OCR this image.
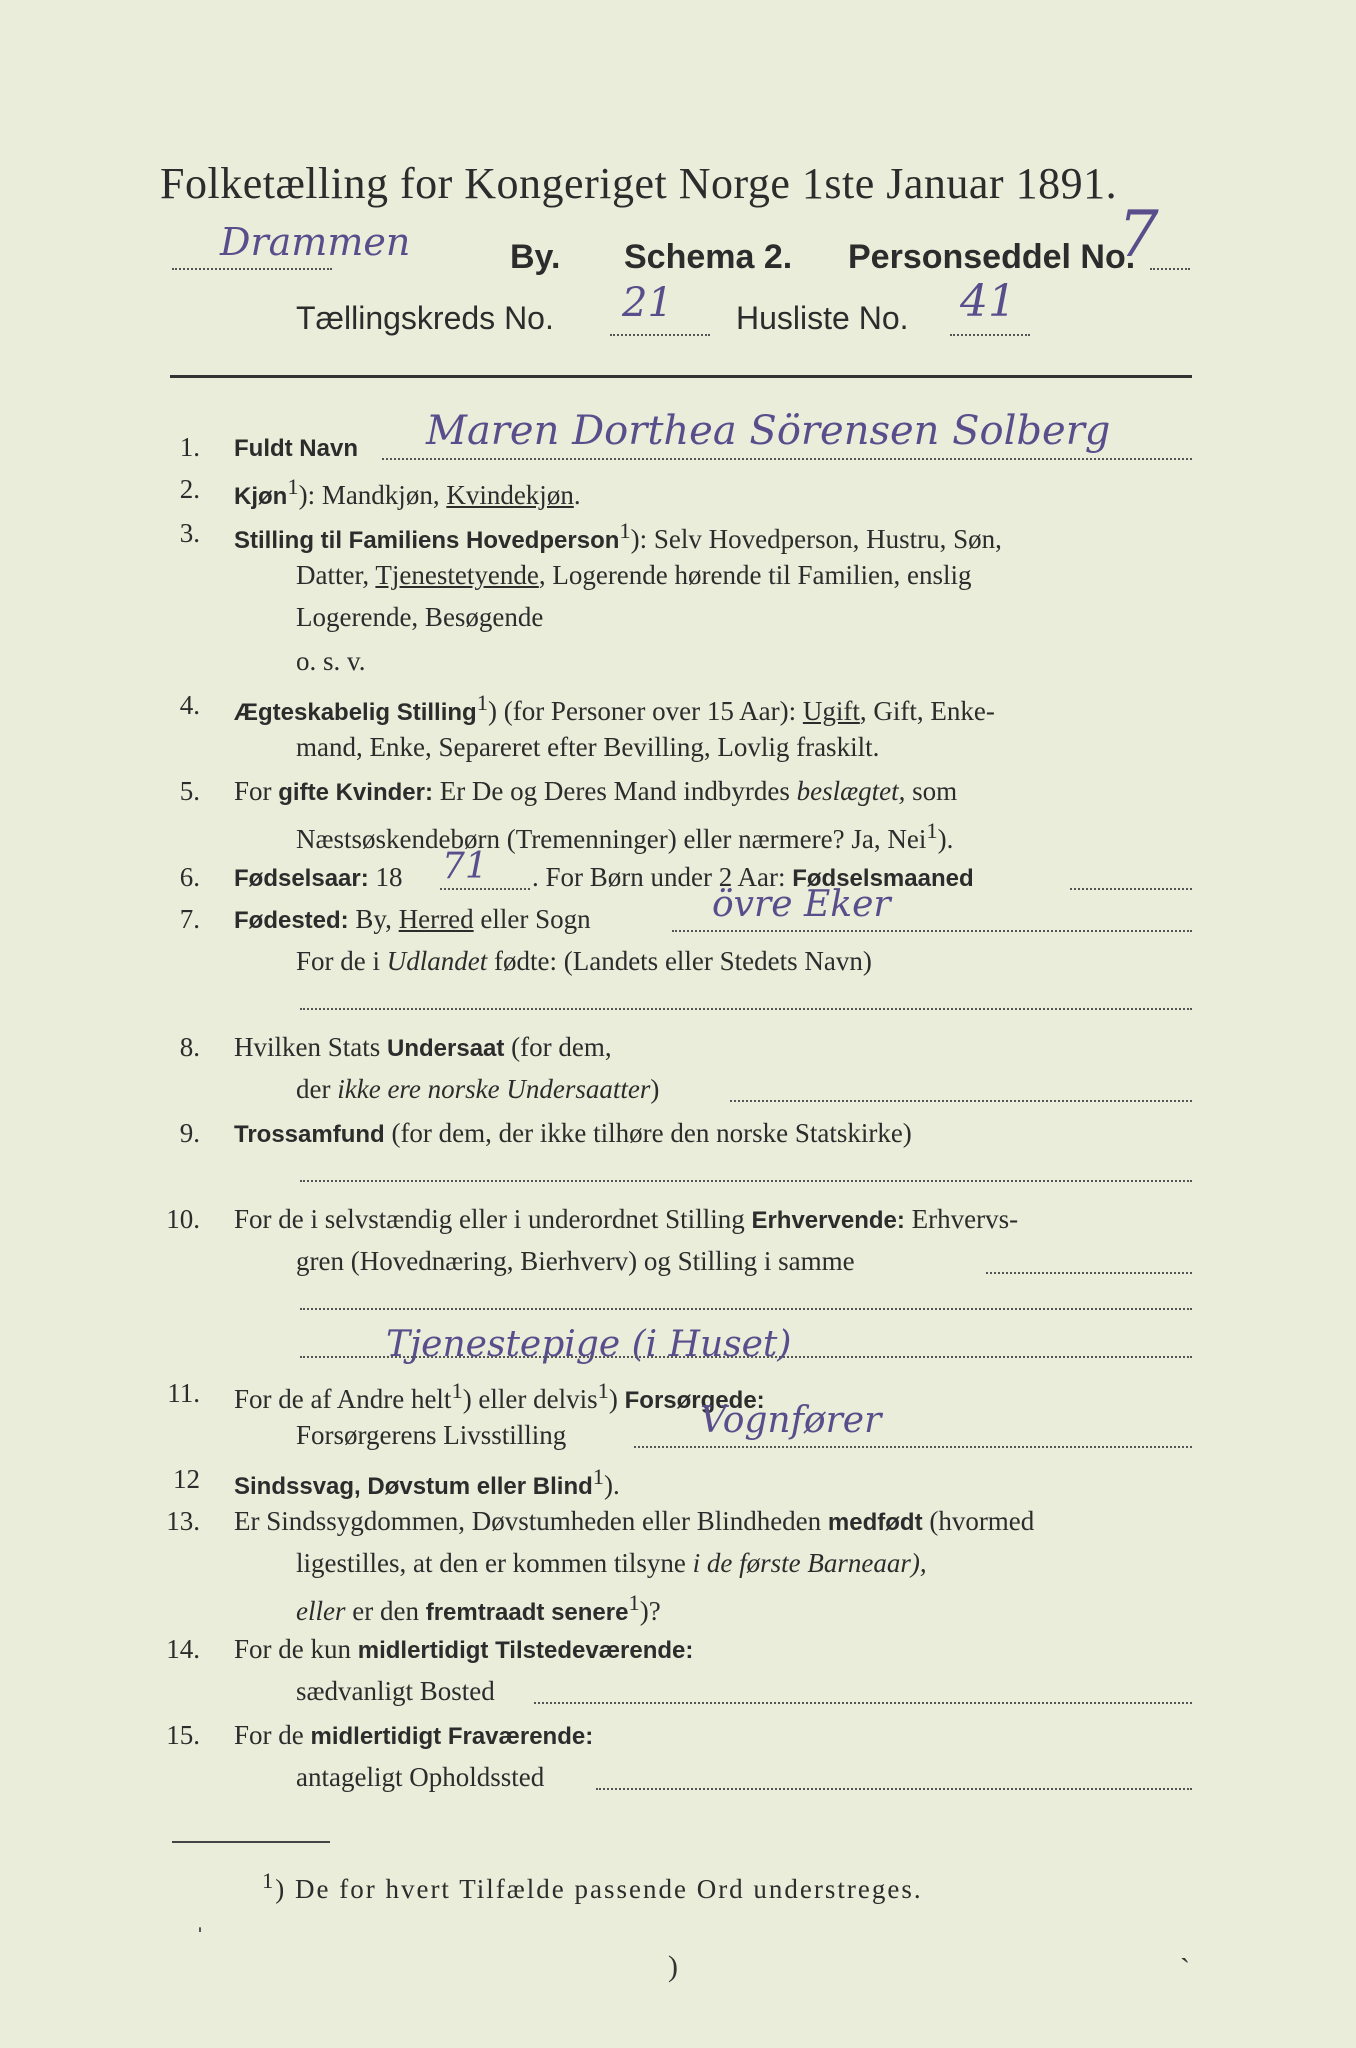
Folketælling for Kongeriget Norge 1ste Januar 1891.
Drammen	By. Schema 2. Personseddel No.
7
Tællingskreds No. 21 Husliste No. 41
1. Fuldt Navn Maren Dorthea Sörensen Solberg
2. Kjøn$^1$): Mandkjøn, Kvindekjøn.
3. Stilling til Familiens Hovedperson$^1$): Selv Hovedperson, Hustru, Søn,
Datter, Tjenestetyende, Logerende hørende til Familien, enslig
Logerende, Besøgende
o. s. v.
4. Ægteskabelig Stilling$^1$) (for Personer over 15 Aar): Ugift, Gift, Enke-
mand, Enke, Separeret efter Bevilling, Lovlig fraskilt.
5. For gifte Kvinder: Er De og Deres Mand indbyrdes beslægtet, som
Næstsøskendebørn (Tremenninger) eller nærmere? Ja, Nei$^1$).
6. Fødselsaar: 18 71 . For Børn under 2 Aar: Fødselsmaaned
7. Fødested: By, Herred eller Sogn	övre Eker
For de i Udlandet fødte: (Landets eller Stedets Navn)
8. Hvilken Stats Undersaat (for dem,
der ikke ere norske Undersaatter)
9. Trossamfund (for dem, der ikke tilhøre den norske Statskirke)
10. For de i selvstændig eller i underordnet Stilling Erhvervende: Erhvervs-
gren (Hovednæring, Bierhverv) og Stilling i samme
Tjenestepige (i Huset)
11. For de af Andre helt$^1$) eller delvis$^1$) Forsørgede:
Forsørgerens Livsstilling	Vognfører
12 Sindssvag, Døvstum eller Blind$^1$).
13. Er Sindssygdommen, Døvstumheden eller Blindheden medfødt (hvormed
ligestilles, at den er kommen tilsyne i de første Barneaar),
eller er den fremtraadt senere$^1$)?
14. For de kun midlertidigt Tilstedeværende:
sædvanligt Bosted
15. For de midlertidigt Fraværende:
antageligt Opholdssted
$^1$) De for hvert Tilfælde passende Ord understreges.
ˈ
)
ˎ
